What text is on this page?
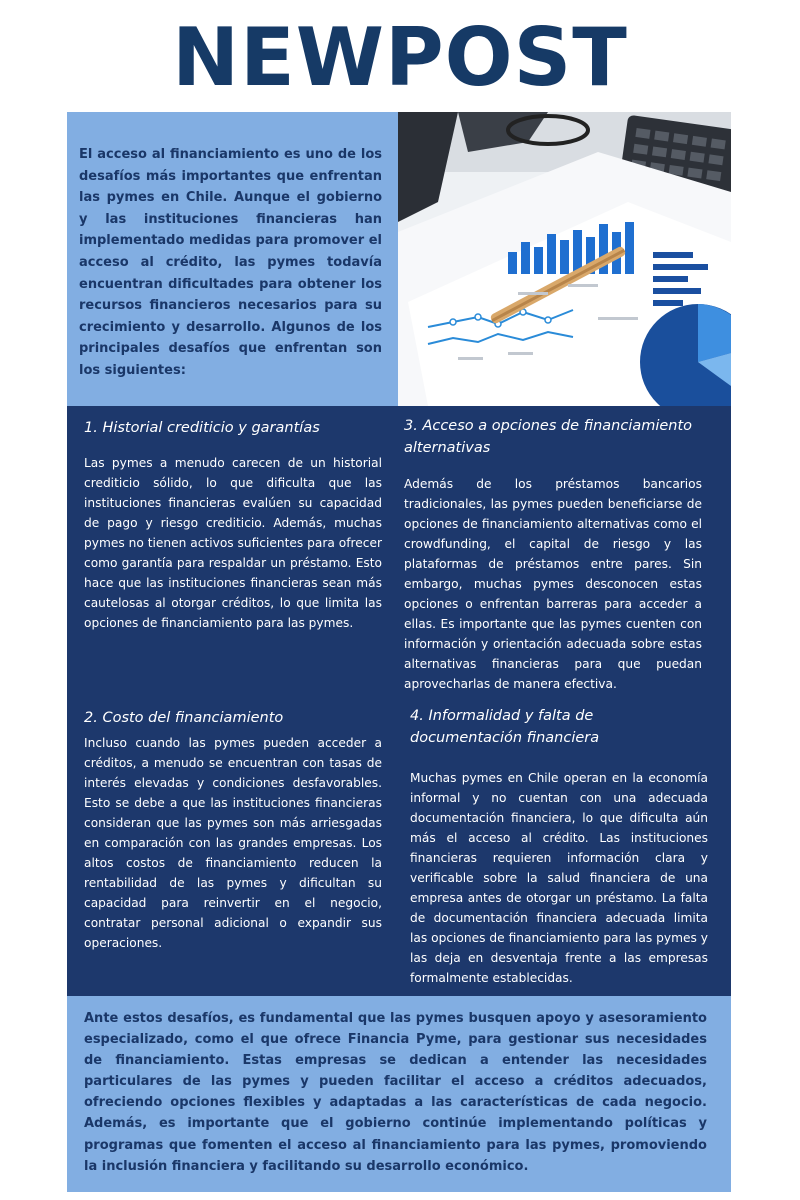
NEWPOST

El acceso al financiamiento es uno de los desafíos más importantes que enfrentan las pymes en Chile. Aunque el gobierno y las instituciones financieras han implementado medidas para promover el acceso al crédito, las pymes todavía encuentran dificultades para obtener los recursos financieros necesarios para su crecimiento y desarrollo. Algunos de los principales desafíos que enfrentan son los siguientes:

1. Historial crediticio y garantías

Las pymes a menudo carecen de un historial crediticio sólido, lo que dificulta que las instituciones financieras evalúen su capacidad de pago y riesgo crediticio. Además, muchas pymes no tienen activos suficientes para ofrecer como garantía para respaldar un préstamo. Esto hace que las instituciones financieras sean más cautelosas al otorgar créditos, lo que limita las opciones de financiamiento para las pymes.

3. Acceso a opciones de financiamiento alternativas

Además de los préstamos bancarios tradicionales, las pymes pueden beneficiarse de opciones de financiamiento alternativas como el crowdfunding, el capital de riesgo y las plataformas de préstamos entre pares. Sin embargo, muchas pymes desconocen estas opciones o enfrentan barreras para acceder a ellas. Es importante que las pymes cuenten con información y orientación adecuada sobre estas alternativas financieras para que puedan aprovecharlas de manera efectiva.

2. Costo del financiamiento

Incluso cuando las pymes pueden acceder a créditos, a menudo se encuentran con tasas de interés elevadas y condiciones desfavorables. Esto se debe a que las instituciones financieras consideran que las pymes son más arriesgadas en comparación con las grandes empresas. Los altos costos de financiamiento reducen la rentabilidad de las pymes y dificultan su capacidad para reinvertir en el negocio, contratar personal adicional o expandir sus operaciones.

4. Informalidad y falta de documentación financiera

Muchas pymes en Chile operan en la economía informal y no cuentan con una adecuada documentación financiera, lo que dificulta aún más el acceso al crédito. Las instituciones financieras requieren información clara y verificable sobre la salud financiera de una empresa antes de otorgar un préstamo. La falta de documentación financiera adecuada limita las opciones de financiamiento para las pymes y las deja en desventaja frente a las empresas formalmente establecidas.

Ante estos desafíos, es fundamental que las pymes busquen apoyo y asesoramiento especializado, como el que ofrece Financia Pyme, para gestionar sus necesidades de financiamiento. Estas empresas se dedican a entender las necesidades particulares de las pymes y pueden facilitar el acceso a créditos adecuados, ofreciendo opciones flexibles y adaptadas a las características de cada negocio. Además, es importante que el gobierno continúe implementando políticas y programas que fomenten el acceso al financiamiento para las pymes, promoviendo la inclusión financiera y facilitando su desarrollo económico.
